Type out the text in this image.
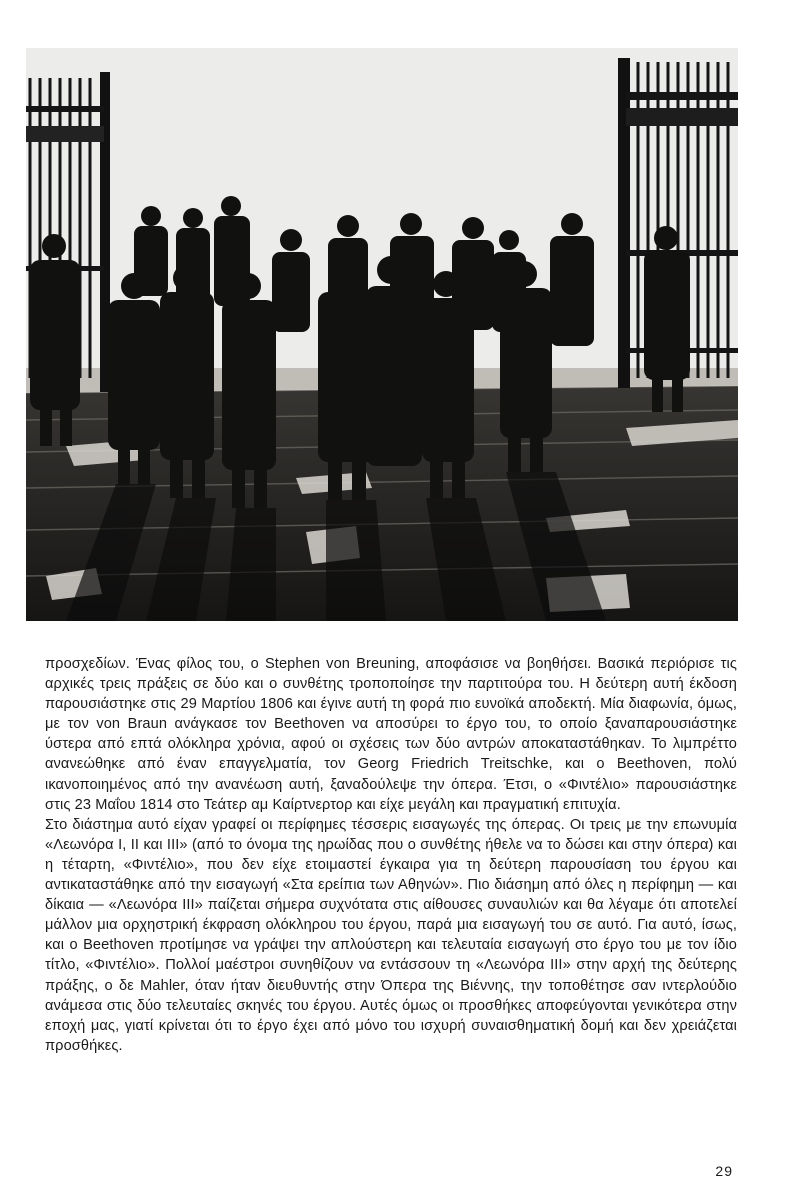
προσχεδίων. Ένας φίλος του, ο Stephen von Breuning, αποφάσισε να βοηθήσει. Βασικά περιόρισε τις αρχικές τρεις πράξεις σε δύο και ο συνθέτης τροποποίησε την παρτιτούρα του. Η δεύτερη αυτή έκδοση παρουσιάστηκε στις 29 Μαρτίου 1806 και έγινε αυτή τη φορά πιο ευνοϊκά αποδεκτή. Μία διαφωνία, όμως, με τον von Braun ανάγκασε τον Beethoven να αποσύρει το έργο του, το οποίο ξαναπαρουσιάστηκε ύστερα από επτά ολόκληρα χρόνια, αφού οι σχέσεις των δύο αντρών αποκαταστάθηκαν. Το λιμπρέττο ανανεώθηκε από έναν επαγγελματία, τον Georg Friedrich Treitschke, και ο Beethoven, πολύ ικανοποιημένος από την ανανέωση αυτή, ξαναδούλεψε την όπερα. Έτσι, ο «Φιντέλιο» παρουσιάστηκε στις 23 Μαΐου 1814 στο Τεάτερ αμ Καίρτνερτορ και είχε μεγάλη και πραγματική επιτυχία.

Στο διάστημα αυτό είχαν γραφεί οι περίφημες τέσσερις εισαγωγές της όπερας. Οι τρεις με την επωνυμία «Λεωνόρα I, II και III» (από το όνομα της ηρωίδας που ο συνθέτης ήθελε να το δώσει και στην όπερα) και η τέταρτη, «Φιντέλιο», που δεν είχε ετοιμαστεί έγκαιρα για τη δεύτερη παρουσίαση του έργου και αντικαταστάθηκε από την εισαγωγή «Στα ερείπια των Αθηνών». Πιο διάσημη από όλες η περίφημη — και δίκαια — «Λεωνόρα III» παίζεται σήμερα συχνότατα στις αίθουσες συναυλιών και θα λέγαμε ότι αποτελεί μάλλον μια ορχηστρική έκφραση ολόκληρου του έργου, παρά μια εισαγωγή του σε αυτό. Για αυτό, ίσως, και ο Beethoven προτίμησε να γράψει την απλούστερη και τελευταία εισαγωγή στο έργο του με τον ίδιο τίτλο, «Φιντέλιο». Πολλοί μαέστροι συνηθίζουν να εντάσσουν τη «Λεωνόρα III» στην αρχή της δεύτερης πράξης, ο δε Mahler, όταν ήταν διευθυντής στην Όπερα της Βιέννης, την τοποθέτησε σαν ιντερλούδιο ανάμεσα στις δύο τελευταίες σκηνές του έργου. Αυτές όμως οι προσθήκες αποφεύγονται γενικότερα στην εποχή μας, γιατί κρίνεται ότι το έργο έχει από μόνο του ισχυρή συναισθηματική δομή και δεν χρειάζεται προσθήκες.

29
